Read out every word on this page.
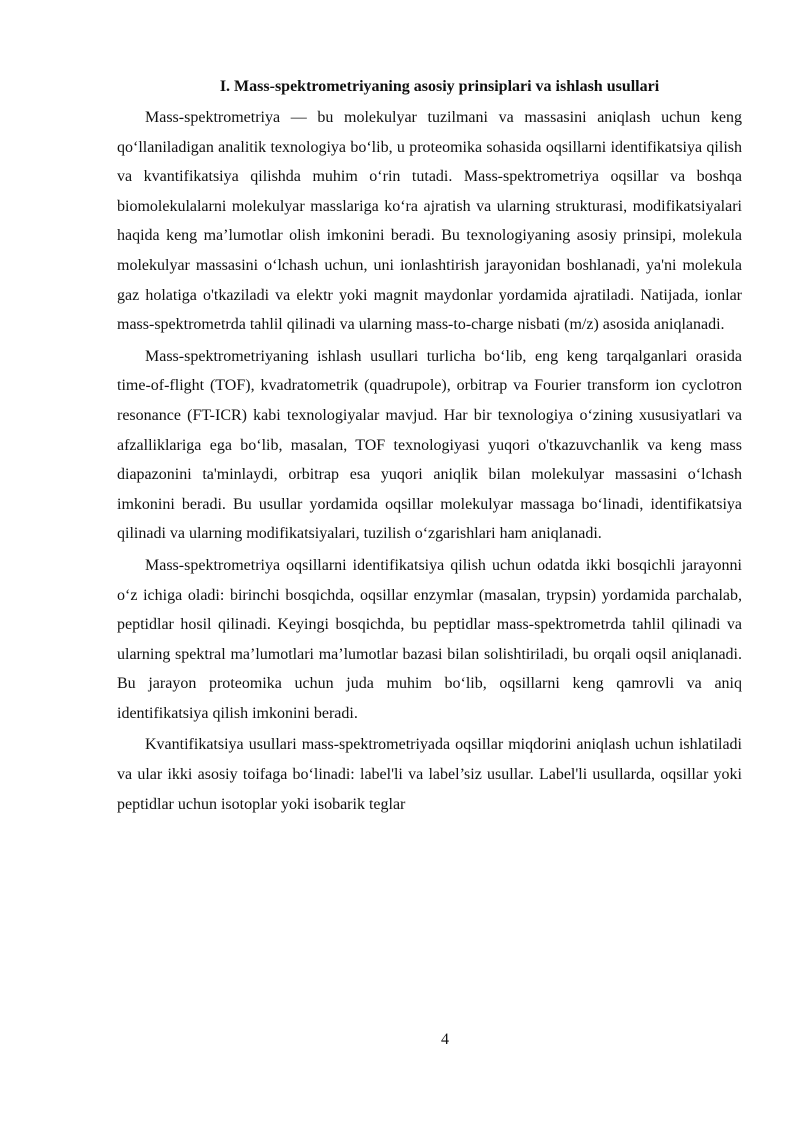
I. Mass-spektrometriyaning asosiy prinsiplari va ishlash usullari

Mass-spektrometriya — bu molekulyar tuzilmani va massasini aniqlash uchun keng qo‘llaniladigan analitik texnologiya bo‘lib, u proteomika sohasida oqsillarni identifikatsiya qilish va kvantifikatsiya qilishda muhim o‘rin tutadi. Mass-spektrometriya oqsillar va boshqa biomolekulalarni molekulyar masslariga ko‘ra ajratish va ularning strukturasi, modifikatsiyalari haqida keng ma’lumotlar olish imkonini beradi. Bu texnologiyaning asosiy prinsipi, molekula molekulyar massasini o‘lchash uchun, uni ionlashtirish jarayonidan boshlanadi, ya'ni molekula gaz holatiga o'tkaziladi va elektr yoki magnit maydonlar yordamida ajratiladi. Natijada, ionlar mass-spektrometrda tahlil qilinadi va ularning mass-to-charge nisbati (m/z) asosida aniqlanadi.

Mass-spektrometriyaning ishlash usullari turlicha bo‘lib, eng keng tarqalganlari orasida time-of-flight (TOF), kvadratometrik (quadrupole), orbitrap va Fourier transform ion cyclotron resonance (FT-ICR) kabi texnologiyalar mavjud. Har bir texnologiya o‘zining xususiyatlari va afzalliklariga ega bo‘lib, masalan, TOF texnologiyasi yuqori o'tkazuvchanlik va keng mass diapazonini ta'minlaydi, orbitrap esa yuqori aniqlik bilan molekulyar massasini o‘lchash imkonini beradi. Bu usullar yordamida oqsillar molekulyar massaga bo‘linadi, identifikatsiya qilinadi va ularning modifikatsiyalari, tuzilish o‘zgarishlari ham aniqlanadi.

Mass-spektrometriya oqsillarni identifikatsiya qilish uchun odatda ikki bosqichli jarayonni o‘z ichiga oladi: birinchi bosqichda, oqsillar enzymlar (masalan, trypsin) yordamida parchalab, peptidlar hosil qilinadi. Keyingi bosqichda, bu peptidlar mass-spektrometrda tahlil qilinadi va ularning spektral ma’lumotlari ma’lumotlar bazasi bilan solishtiriladi, bu orqali oqsil aniqlanadi. Bu jarayon proteomika uchun juda muhim bo‘lib, oqsillarni keng qamrovli va aniq identifikatsiya qilish imkonini beradi.

Kvantifikatsiya usullari mass-spektrometriyada oqsillar miqdorini aniqlash uchun ishlatiladi va ular ikki asosiy toifaga bo‘linadi: label'li va label’siz usullar. Label'li usullarda, oqsillar yoki peptidlar uchun isotoplar yoki isobarik teglar

4
